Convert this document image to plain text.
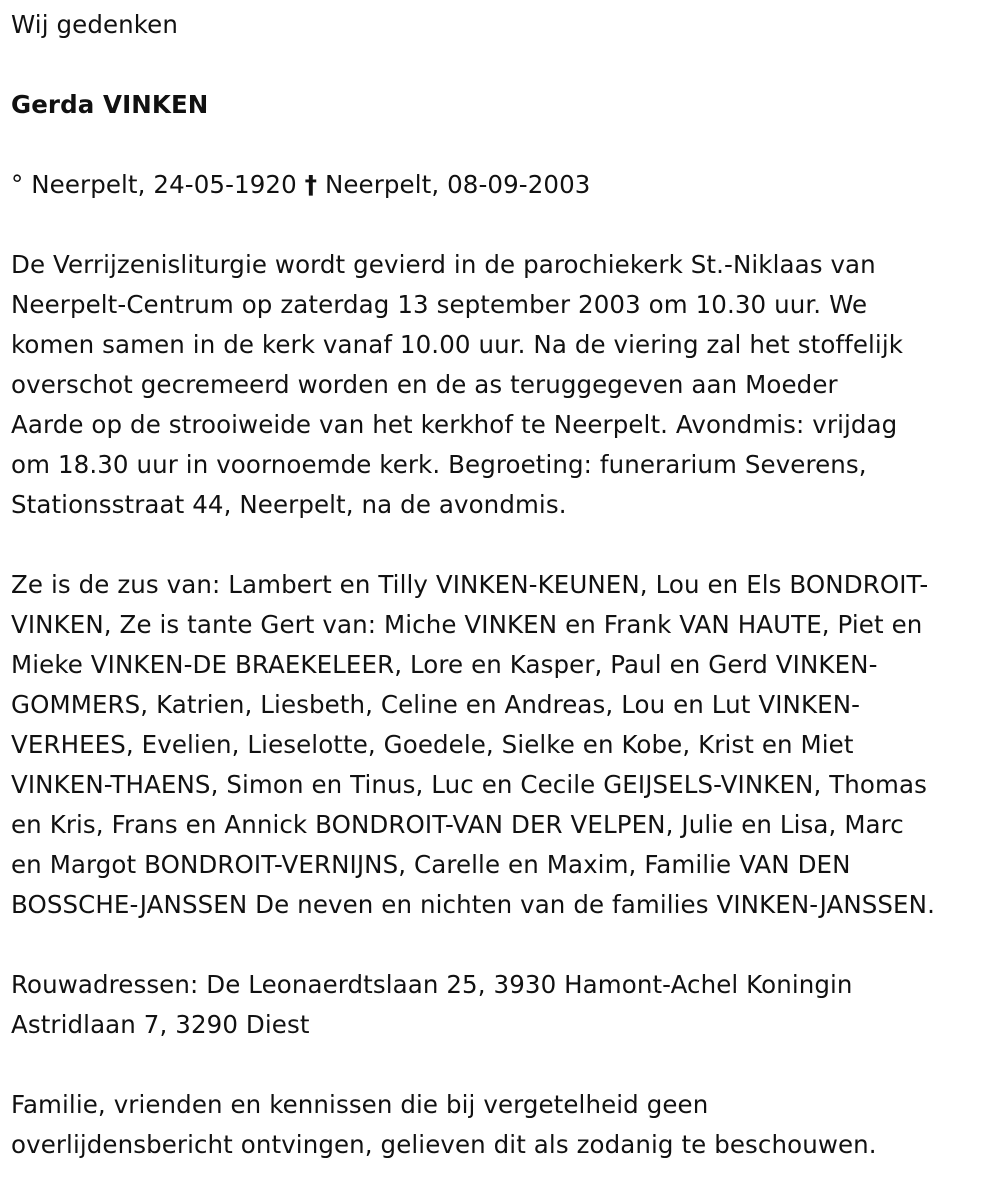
Wij gedenken
Gerda VINKEN
° Neerpelt, 24-05-1920 † Neerpelt, 08-09-2003
De Verrijzenisliturgie wordt gevierd in de parochiekerk St.-Niklaas van
Neerpelt-Centrum op zaterdag 13 september 2003 om 10.30 uur. We
komen samen in de kerk vanaf 10.00 uur. Na de viering zal het stoffelijk
overschot gecremeerd worden en de as teruggegeven aan Moeder
Aarde op de strooiweide van het kerkhof te Neerpelt. Avondmis: vrijdag
om 18.30 uur in voornoemde kerk. Begroeting: funerarium Severens,
Stationsstraat 44, Neerpelt, na de avondmis.
Ze is de zus van: Lambert en Tilly VINKEN-KEUNEN, Lou en Els BONDROIT-
VINKEN, Ze is tante Gert van: Miche VINKEN en Frank VAN HAUTE, Piet en
Mieke VINKEN-DE BRAEKELEER, Lore en Kasper, Paul en Gerd VINKEN-
GOMMERS, Katrien, Liesbeth, Celine en Andreas, Lou en Lut VINKEN-
VERHEES, Evelien, Lieselotte, Goedele, Sielke en Kobe, Krist en Miet
VINKEN-THAENS, Simon en Tinus, Luc en Cecile GEIJSELS-VINKEN, Thomas
en Kris, Frans en Annick BONDROIT-VAN DER VELPEN, Julie en Lisa, Marc
en Margot BONDROIT-VERNIJNS, Carelle en Maxim, Familie VAN DEN
BOSSCHE-JANSSEN De neven en nichten van de families VINKEN-JANSSEN.
Rouwadressen: De Leonaerdtslaan 25, 3930 Hamont-Achel Koningin
Astridlaan 7, 3290 Diest
Familie, vrienden en kennissen die bij vergetelheid geen
overlijdensbericht ontvingen, gelieven dit als zodanig te beschouwen.
